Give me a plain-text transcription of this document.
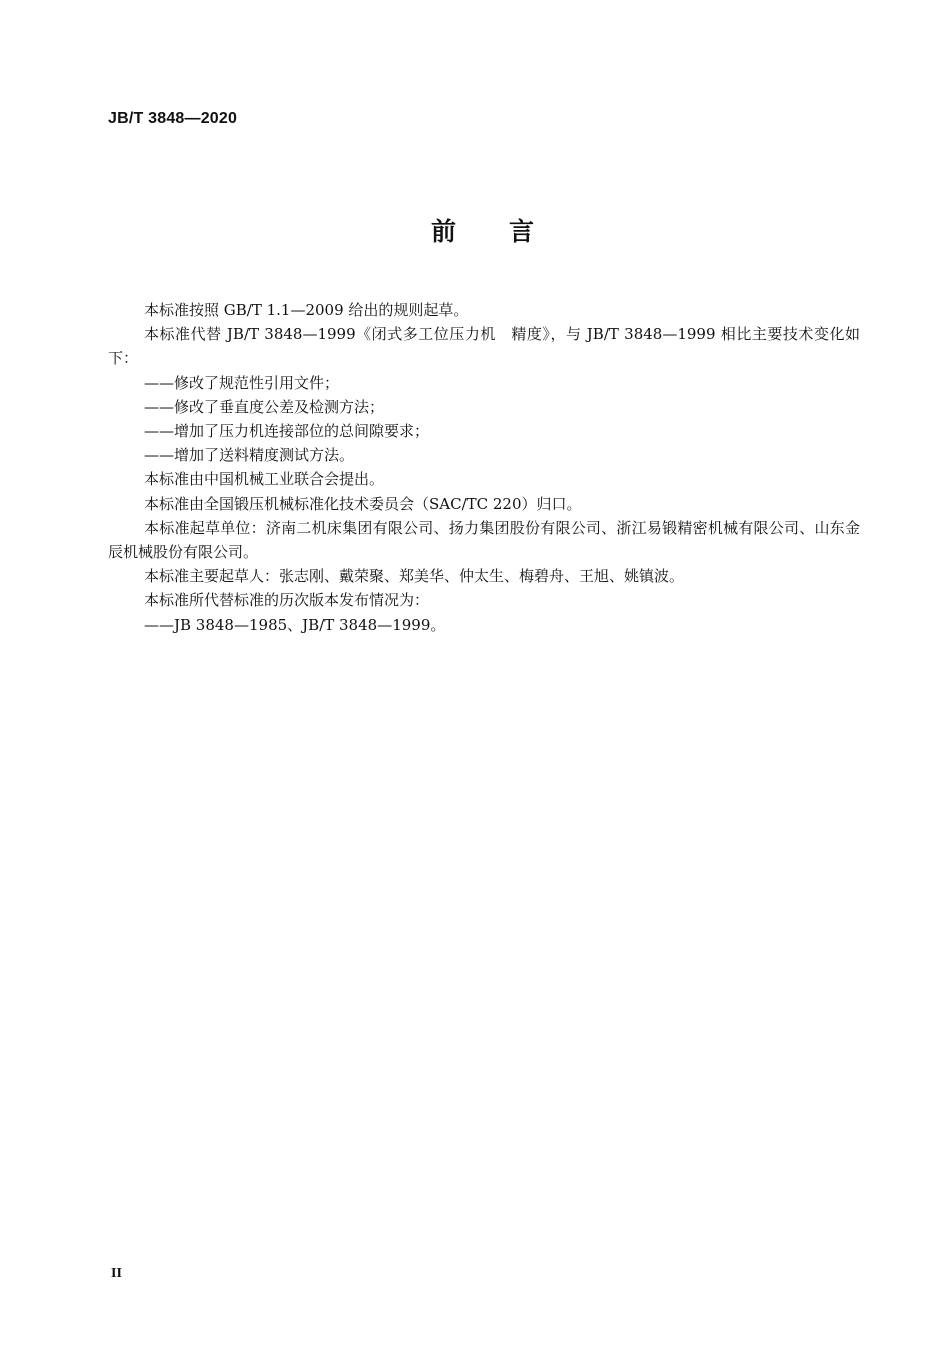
JB/T 3848—2020
前　　言

本标准按照 GB/T 1.1—2009 给出的规则起草。

本标准代替 JB/T 3848—1999《闭式多工位压力机　精度》，与 JB/T 3848—1999 相比主要技术变化如下：

——修改了规范性引用文件；

——修改了垂直度公差及检测方法；

——增加了压力机连接部位的总间隙要求；

——增加了送料精度测试方法。

本标准由中国机械工业联合会提出。

本标准由全国锻压机械标准化技术委员会（SAC/TC 220）归口。

本标准起草单位：济南二机床集团有限公司、扬力集团股份有限公司、浙江易锻精密机械有限公司、山东金辰机械股份有限公司。

本标准主要起草人：张志刚、戴荣聚、郑美华、仲太生、梅碧舟、王旭、姚镇波。

本标准所代替标准的历次版本发布情况为：

——JB 3848—1985、JB/T 3848—1999。

II
